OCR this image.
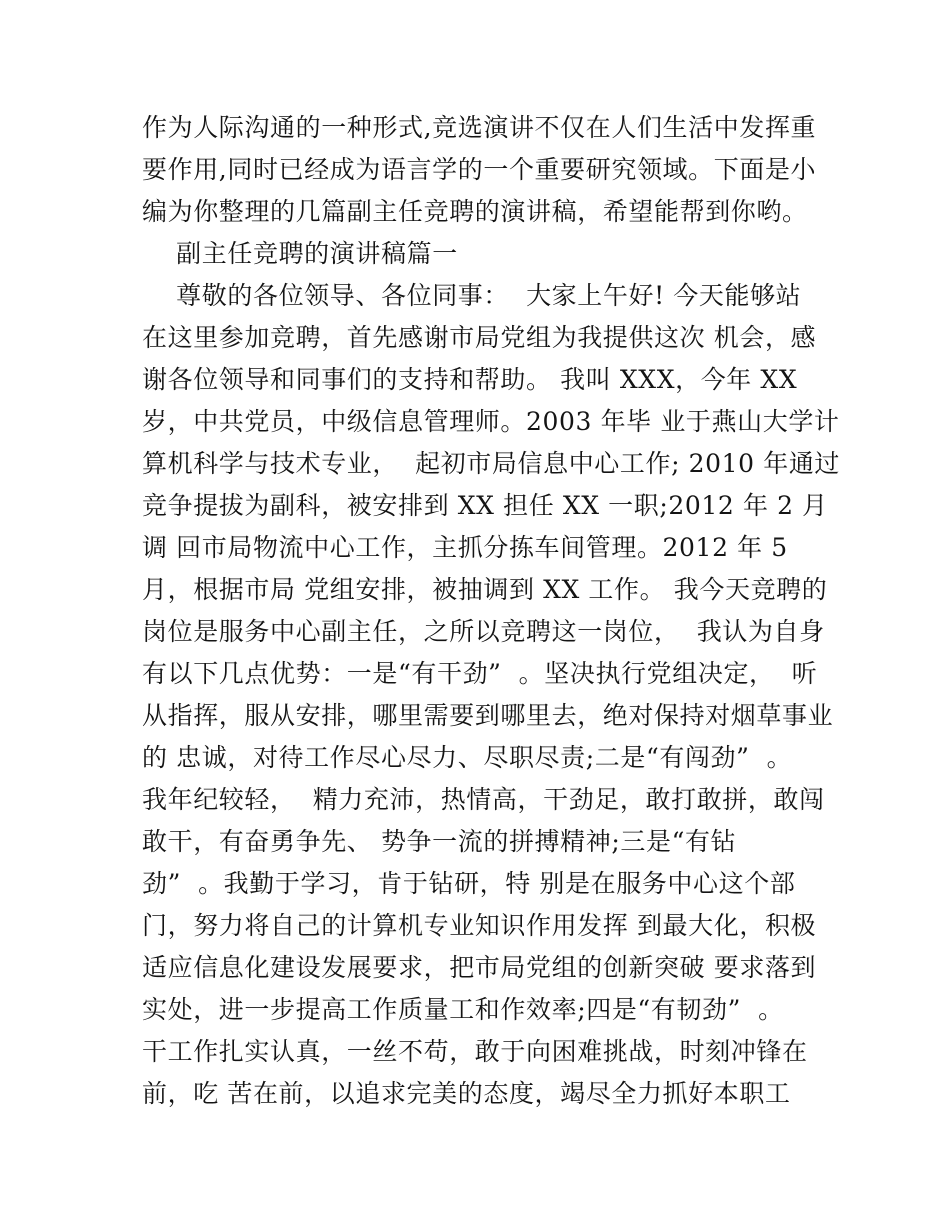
作为人际沟通的一种形式,竞选演讲不仅在人们生活中发挥重
要作用,同时已经成为语言学的一个重要研究领域。下面是小
编为你整理的几篇副主任竞聘的演讲稿，希望能帮到你哟。
副主任竞聘的演讲稿篇一
尊敬的各位领导、各位同事：  大家上午好! 今天能够站
在这里参加竞聘，首先感谢市局党组为我提供这次 机会，感
谢各位领导和同事们的支持和帮助。 我叫 XXX，今年 XX
岁，中共党员，中级信息管理师。2003 年毕 业于燕山大学计
算机科学与技术专业，  起初市局信息中心工作; 2010 年通过
竞争提拔为副科，被安排到 XX 担任 XX 一职;2012 年 2 月
调 回市局物流中心工作，主抓分拣车间管理。2012 年 5
月，根据市局 党组安排，被抽调到 XX 工作。 我今天竞聘的
岗位是服务中心副主任，之所以竞聘这一岗位，  我认为自身
有以下几点优势：一是“有干劲”  。坚决执行党组决定，  听
从指挥，服从安排，哪里需要到哪里去，绝对保持对烟草事业
的 忠诚，对待工作尽心尽力、尽职尽责;二是“有闯劲”  。
我年纪较轻，  精力充沛，热情高，干劲足，敢打敢拼，敢闯
敢干，有奋勇争先、 势争一流的拼搏精神;三是“有钻
劲”  。我勤于学习，肯于钻研，特 别是在服务中心这个部
门，努力将自己的计算机专业知识作用发挥 到最大化，积极
适应信息化建设发展要求，把市局党组的创新突破 要求落到
实处，进一步提高工作质量工和作效率;四是“有韧劲”  。
干工作扎实认真，一丝不苟，敢于向困难挑战，时刻冲锋在
前，吃 苦在前，以追求完美的态度，竭尽全力抓好本职工
